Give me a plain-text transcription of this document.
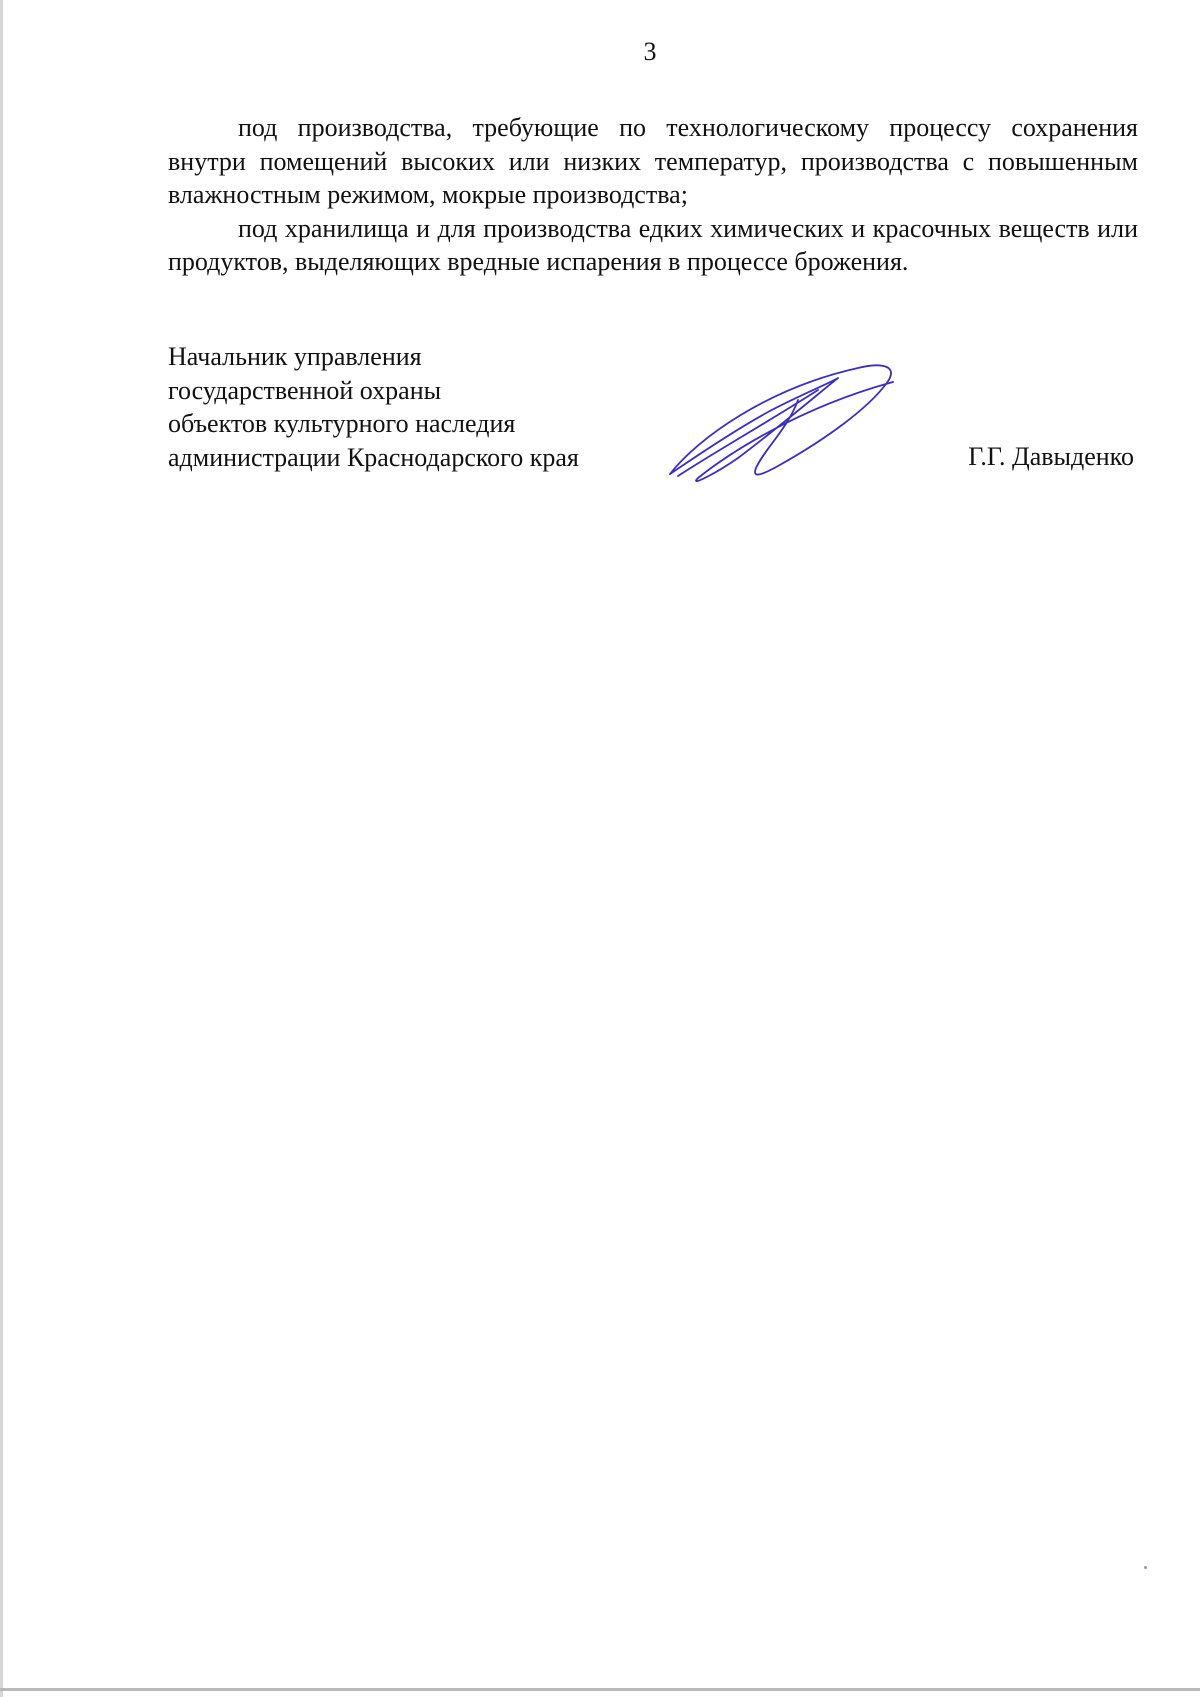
3

под производства, требующие по технологическому процессу сохранения внутри помещений высоких или низких температур, производства с повышенным влажностным режимом, мокрые производства;

под хранилища и для производства едких химических и красочных веществ или продуктов, выделяющих вредные испарения в процессе брожения.

Начальник управления
государственной охраны
объектов культурного наследия
администрации Краснодарского края	Г.Г. Давыденко
